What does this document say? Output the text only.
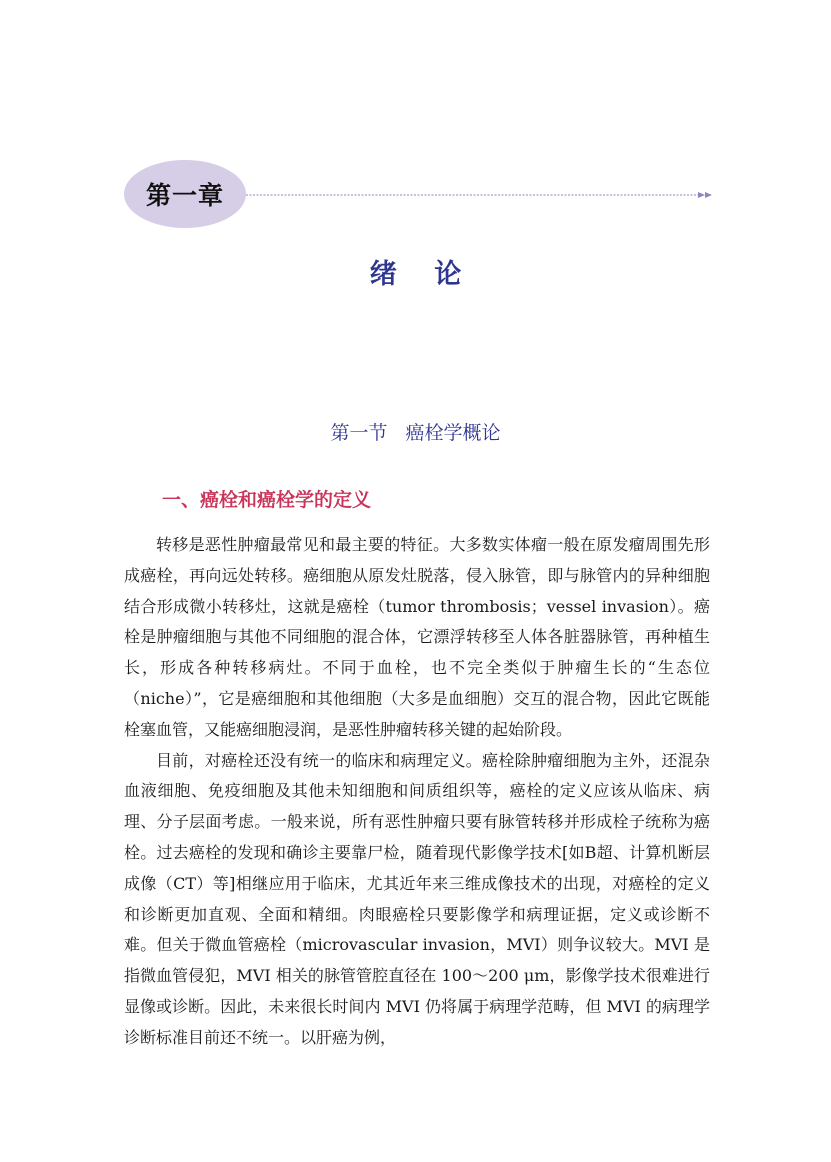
第一章
绪    论
第一节   癌栓学概论
一、癌栓和癌栓学的定义

转移是恶性肿瘤最常见和最主要的特征。大多数实体瘤一般在原发瘤周围先形成癌栓，再向远处转移。癌细胞从原发灶脱落，侵入脉管，即与脉管内的异种细胞结合形成微小转移灶，这就是癌栓（tumor thrombosis；vessel invasion）。癌栓是肿瘤细胞与其他不同细胞的混合体，它漂浮转移至人体各脏器脉管，再种植生长，形成各种转移病灶。不同于血栓，也不完全类似于肿瘤生长的“生态位（niche）”，它是癌细胞和其他细胞（大多是血细胞）交互的混合物，因此它既能栓塞血管，又能癌细胞浸润，是恶性肿瘤转移关键的起始阶段。

目前，对癌栓还没有统一的临床和病理定义。癌栓除肿瘤细胞为主外，还混杂血液细胞、免疫细胞及其他未知细胞和间质组织等，癌栓的定义应该从临床、病理、分子层面考虑。一般来说，所有恶性肿瘤只要有脉管转移并形成栓子统称为癌栓。过去癌栓的发现和确诊主要靠尸检，随着现代影像学技术[如B超、计算机断层成像（CT）等]相继应用于临床，尤其近年来三维成像技术的出现，对癌栓的定义和诊断更加直观、全面和精细。肉眼癌栓只要影像学和病理证据，定义或诊断不难。但关于微血管癌栓（microvascular invasion，MVI）则争议较大。MVI 是指微血管侵犯，MVI 相关的脉管管腔直径在 100～200 μm，影像学技术很难进行显像或诊断。因此，未来很长时间内 MVI 仍将属于病理学范畴，但 MVI 的病理学诊断标准目前还不统一。以肝癌为例，
